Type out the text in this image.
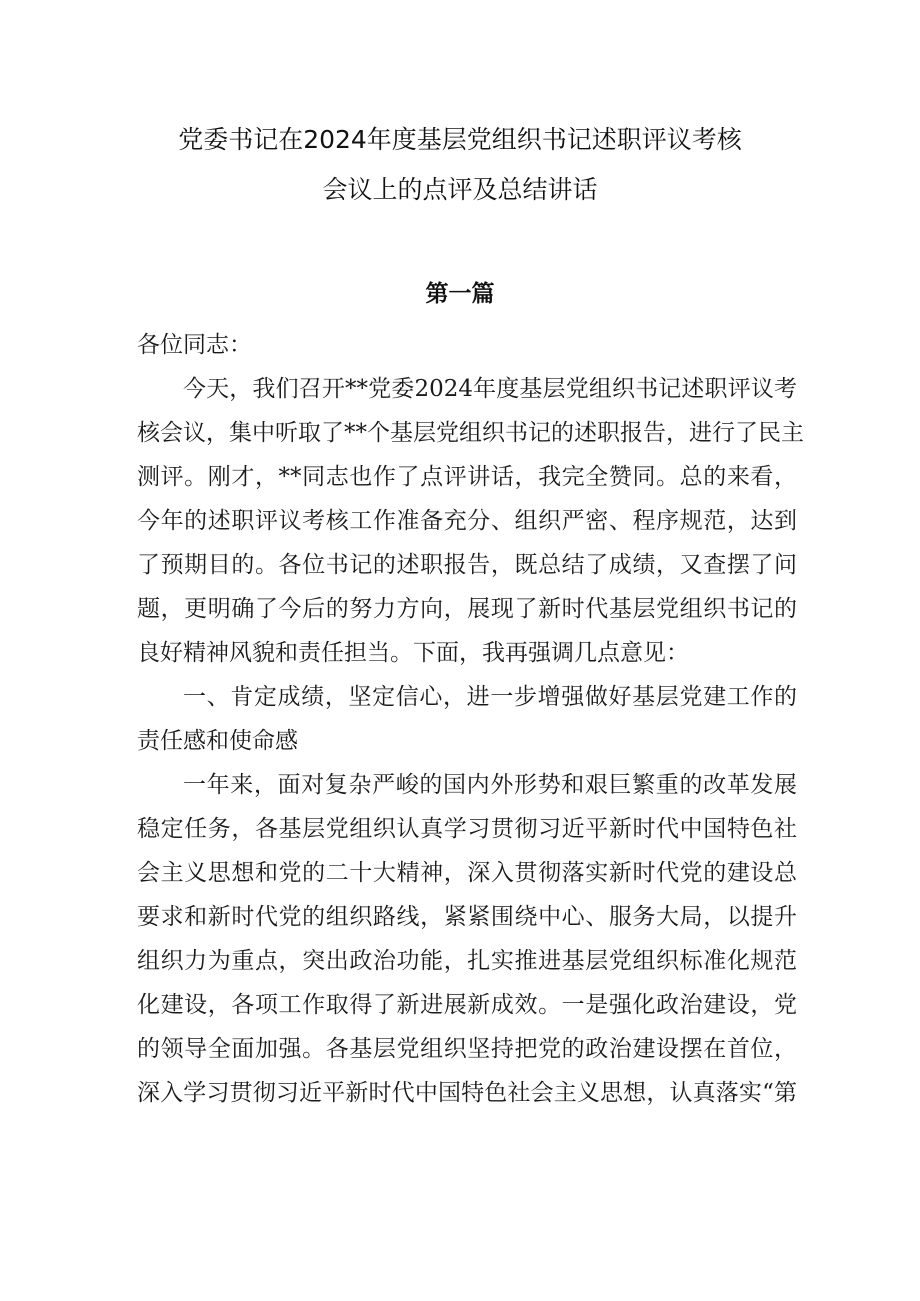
党委书记在2024年度基层党组织书记述职评议考核
会议上的点评及总结讲话
第一篇
各位同志：
今天，我们召开**党委2024年度基层党组织书记述职评议考
核会议，集中听取了**个基层党组织书记的述职报告，进行了民主
测评。刚才，**同志也作了点评讲话，我完全赞同。总的来看，
今年的述职评议考核工作准备充分、组织严密、程序规范，达到
了预期目的。各位书记的述职报告，既总结了成绩，又查摆了问
题，更明确了今后的努力方向，展现了新时代基层党组织书记的
良好精神风貌和责任担当。下面，我再强调几点意见：
一、肯定成绩，坚定信心，进一步增强做好基层党建工作的
责任感和使命感
一年来，面对复杂严峻的国内外形势和艰巨繁重的改革发展
稳定任务，各基层党组织认真学习贯彻习近平新时代中国特色社
会主义思想和党的二十大精神，深入贯彻落实新时代党的建设总
要求和新时代党的组织路线，紧紧围绕中心、服务大局，以提升
组织力为重点，突出政治功能，扎实推进基层党组织标准化规范
化建设，各项工作取得了新进展新成效。一是强化政治建设，党
的领导全面加强。各基层党组织坚持把党的政治建设摆在首位，
深入学习贯彻习近平新时代中国特色社会主义思想，认真落实“第
